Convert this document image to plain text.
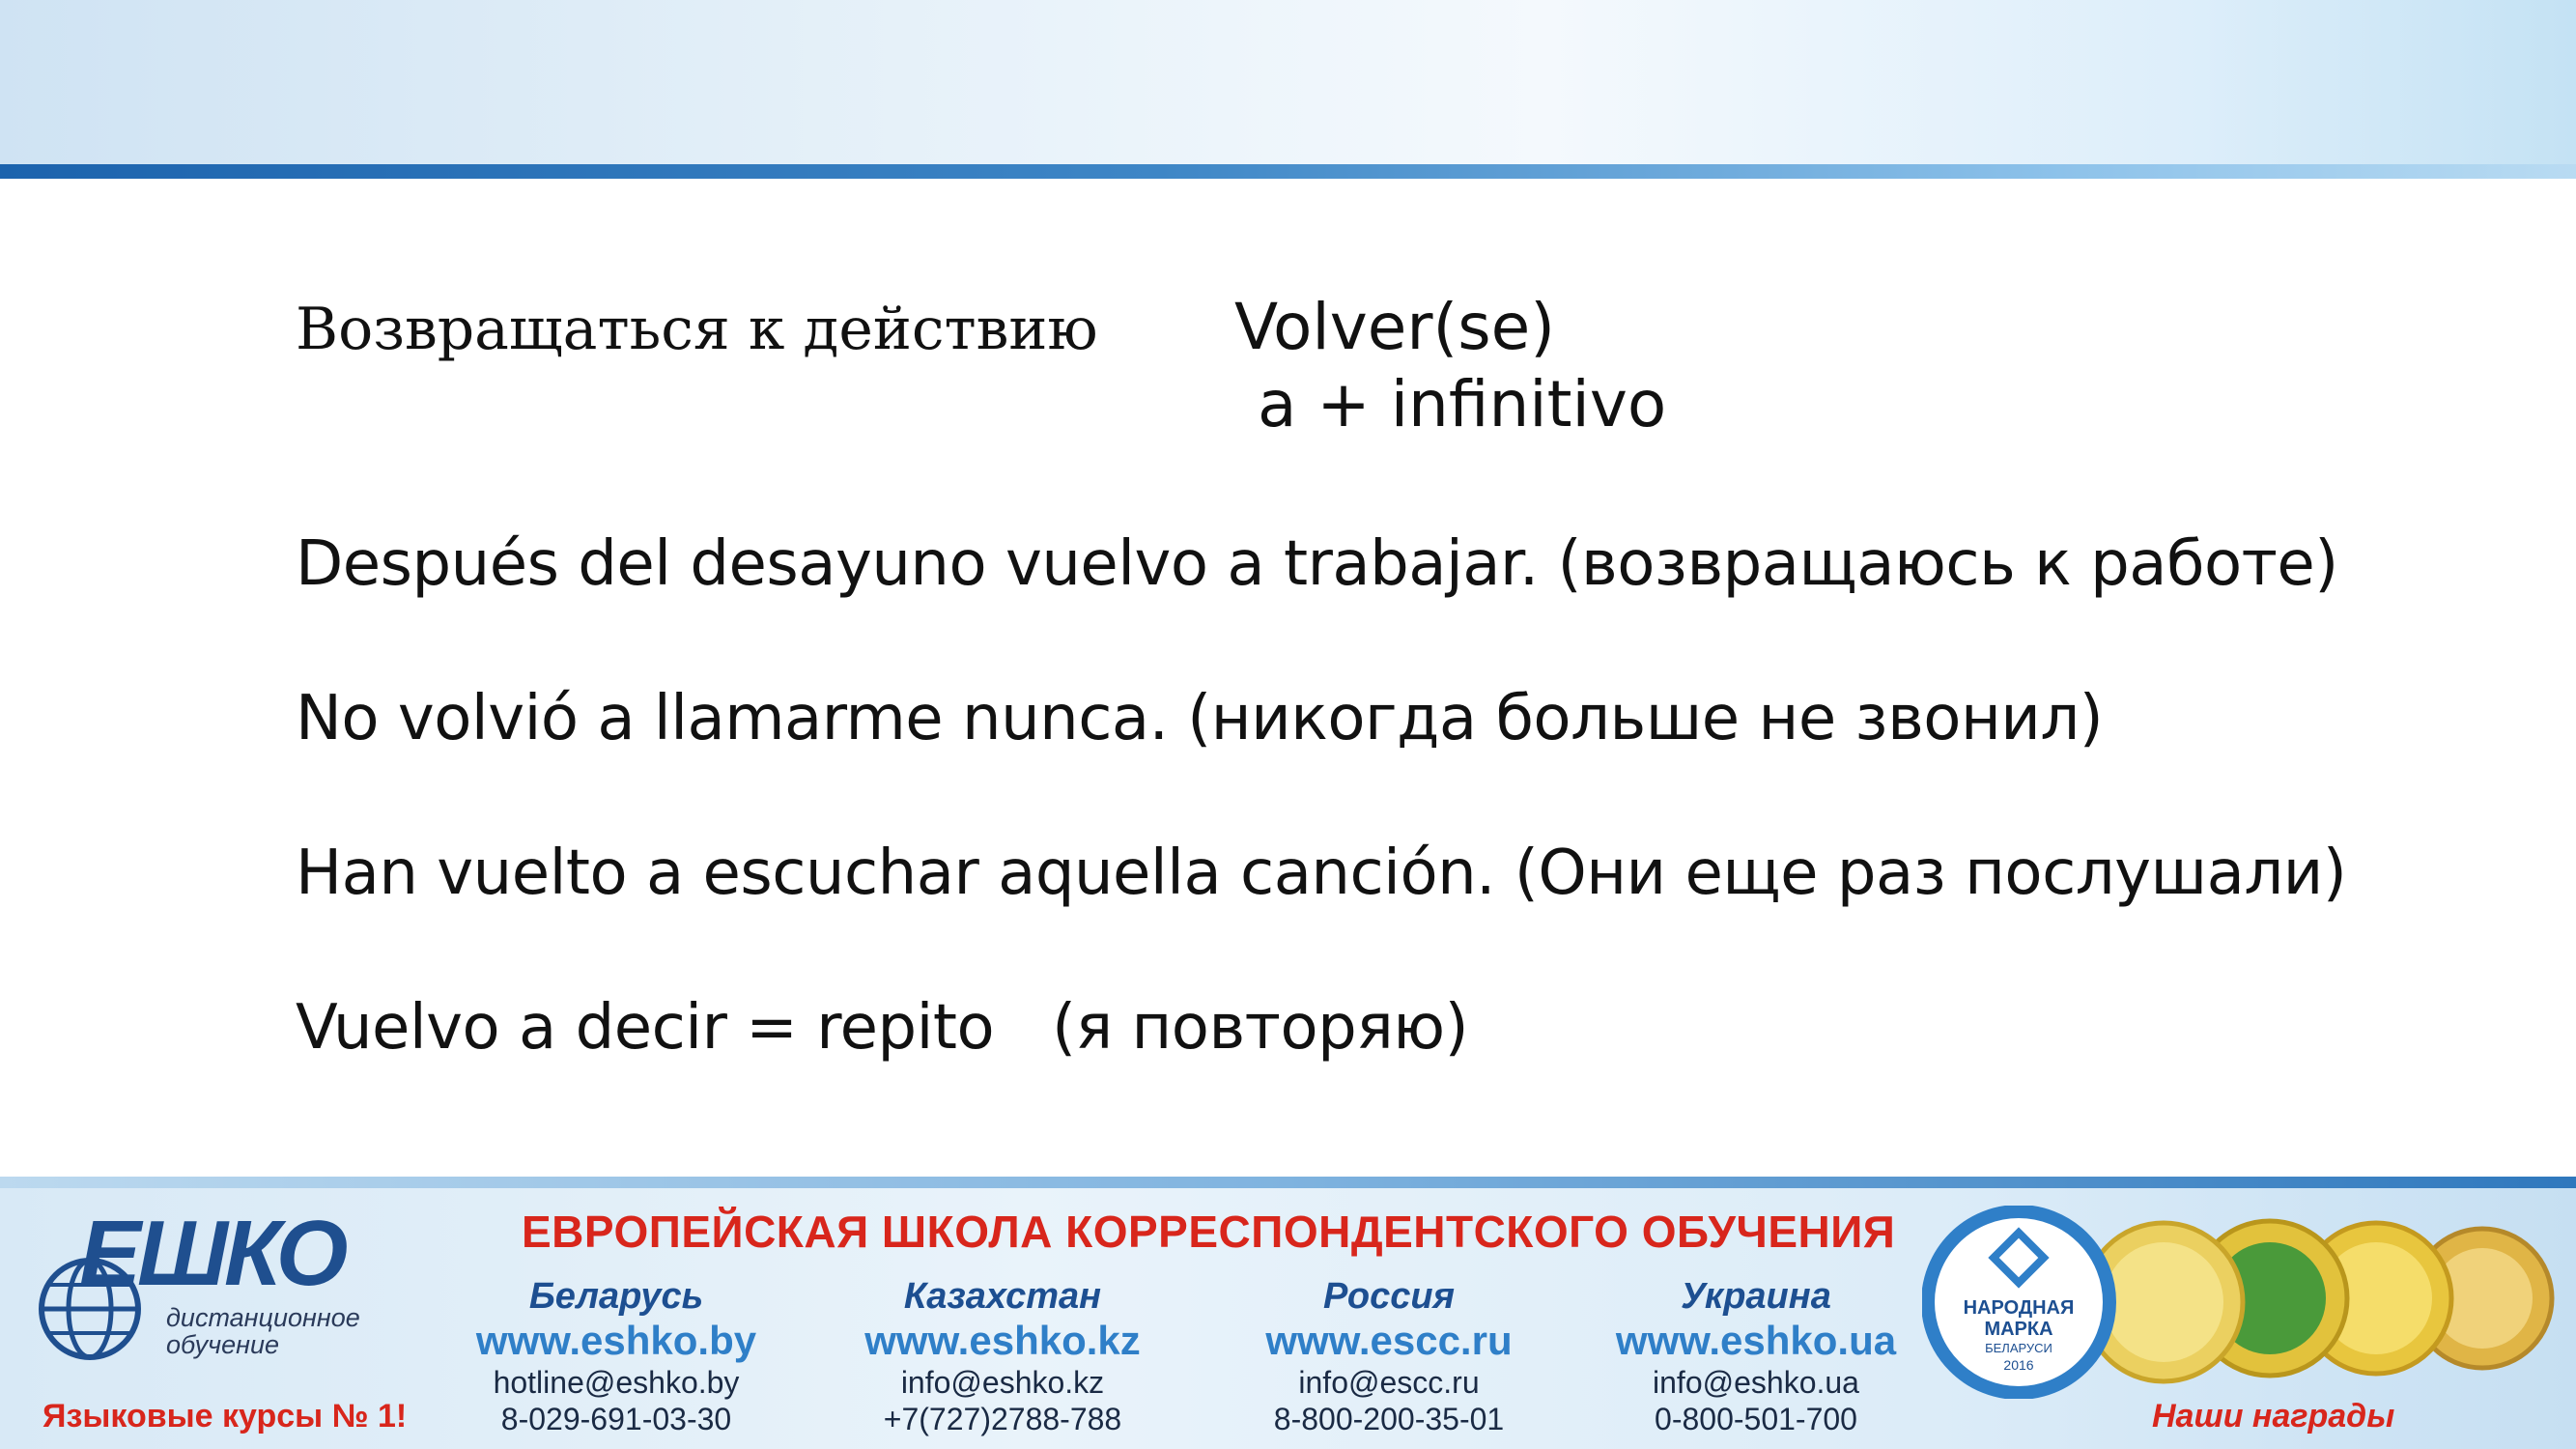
Возвращаться к действию Volver(se)
a + infinitivo
Después del desayuno vuelvo a trabajar. (возвращаюсь к работе)
No volvió a llamarme nunca. (никогда больше не звонил)
Han vuelto a escuchar aquella canción. (Они еще раз послушали)
Vuelvo a decir = repito (я повторяю)
ЕШКО
дистанционное
обучение
Языковые курсы № 1!
ЕВРОПЕЙСКАЯ ШКОЛА КОРРЕСПОНДЕНТСКОГО ОБУЧЕНИЯ
Беларусь
www.eshko.by
hotline@eshko.by
8-029-691-03-30
Казахстан
www.eshko.kz
info@eshko.kz
+7(727)2788-788
Россия
www.escc.ru
info@escc.ru
8-800-200-35-01
Украина
www.eshko.ua
info@eshko.ua
0-800-501-700
НАРОДНАЯ
МАРКА
БЕЛАРУСИ
2016
Наши награды
